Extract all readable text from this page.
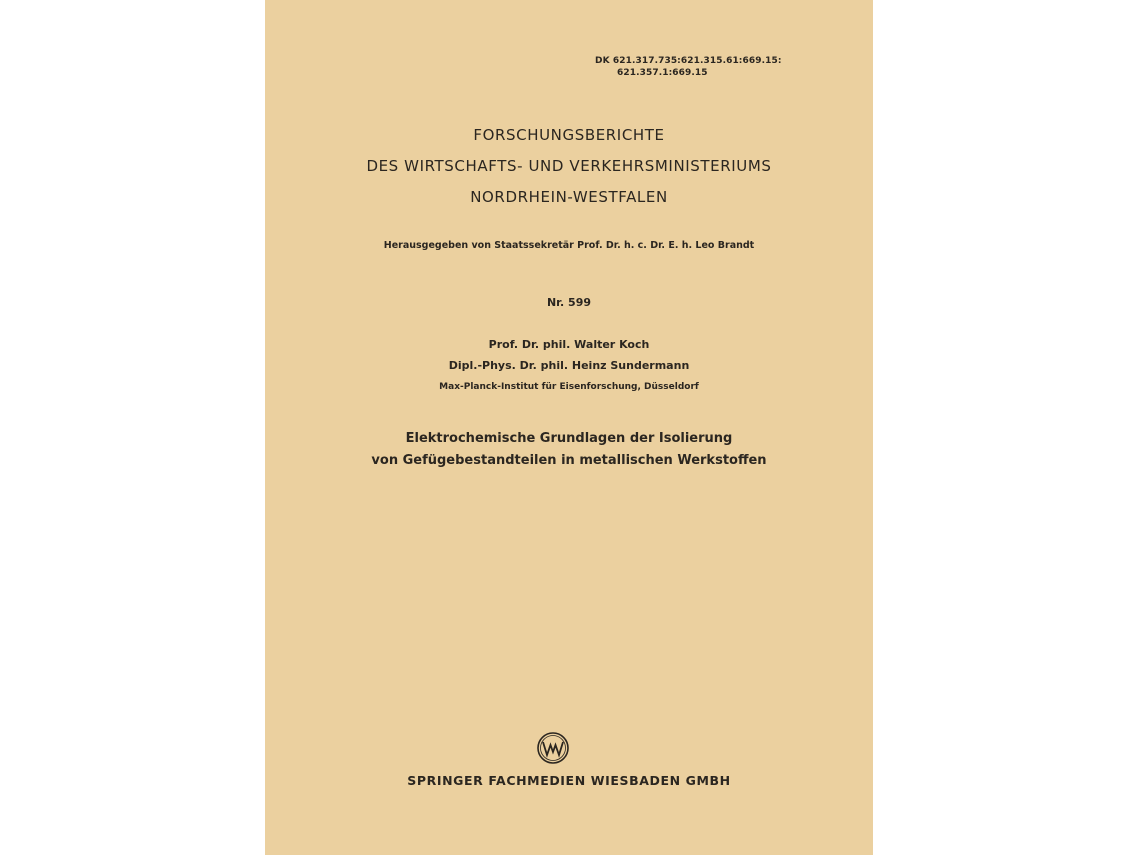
DK 621.317.735:621.315.61:669.15:
621.357.1:669.15
FORSCHUNGSBERICHTE
DES WIRTSCHAFTS- UND VERKEHRSMINISTERIUMS
NORDRHEIN-WESTFALEN
Herausgegeben von Staatssekretär Prof. Dr. h. c. Dr. E. h. Leo Brandt
Nr. 599
Prof. Dr. phil. Walter Koch
Dipl.-Phys. Dr. phil. Heinz Sundermann
Max-Planck-Institut für Eisenforschung, Düsseldorf
Elektrochemische Grundlagen der Isolierung
von Gefügebestandteilen in metallischen Werkstoffen
SPRINGER FACHMEDIEN WIESBADEN GMBH
